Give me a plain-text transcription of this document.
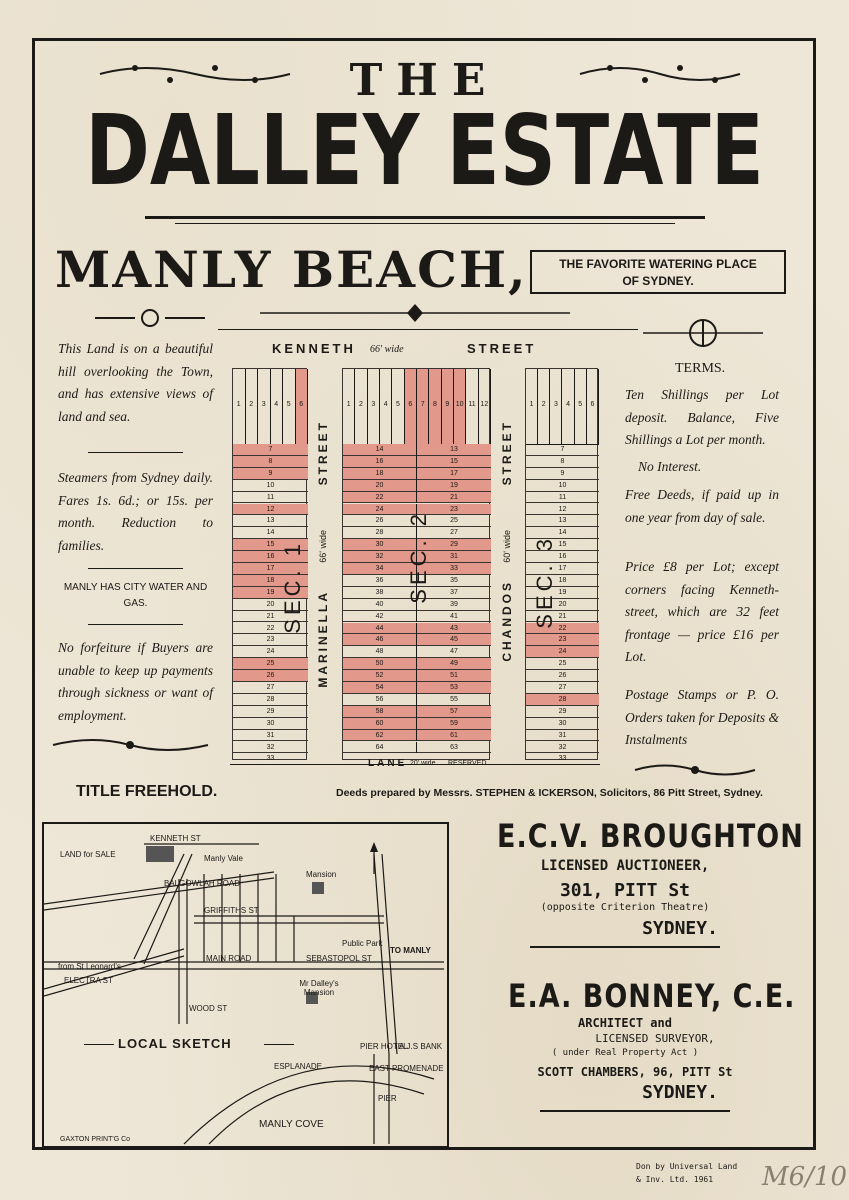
THE
DALLEY ESTATE
MANLY BEACH,	THE FAVORITE WATERING PLACE
OF SYDNEY.
This Land is on a beautiful hill overlooking the Town, and has extensive views of land and sea.
Steamers from Sydney daily. Fares 1s. 6d.; or 15s. per month. Reduction to families.
MANLY HAS CITY WATER AND GAS.
No forfeiture if Buyers are unable to keep up payments through sickness or want of employment.
TERMS.
Ten Shillings per Lot deposit. Balance, Five Shillings a Lot per month.
No Interest.
Free Deeds, if paid up in one year from day of sale.
Price £8 per Lot; except corners facing Kenneth-street, which are 32 feet frontage — price £16 per Lot.
Postage Stamps or P. O. Orders taken for Deposits & Instalments
KENNETH 66' wide	STREET
1	2	3	4	5	6
7
8
9
10
11
12
13
14
15
16
17
18
19
20
21
22
23
24
25
26
27
28
29
30
31
32
33
1	2	3	4	5	6	7	8	9 10 11 12
14	13
16	15
18	17
20	19
22	21
24	23
26	25
28	27
30	29
32	31
34	33
36	35
38	37
40	39
42	41
44	43
46	45
48	47
50	49
52	51
54	53
56	55
58	57
60	59
62	61
64	63
1	2	3	4	5	6
7
8
9
10
11
12
13
14
15
16
17
18
19
20
21
22
23
24
25
26
27
28
29
30
31
32
33
MARINELLA
STREET
66' wide
CHANDOS
STREET
60' wide
SEC. 1	SEC. 2	SEC. 3
LANE 20' wide RESERVED
TITLE FREEHOLD.	Deeds prepared by Messrs. STEPHEN & ICKERSON, Solicitors, 86 Pitt Street, Sydney.
LAND for SALE
KENNETH ST
Manly Vale
BALGOWLAH ROAD
Mansion
GRIFFITHS ST
Public Park
TO MANLY
from St Leonard's
ELECTRA ST
WOOD ST
MAIN ROAD	SEBASTOPOL ST
Mr Dalley's Mansion
EAST PROMENADE
PIER HOTEL
A.J.S BANK
ESPLANADE
PIER
MANLY COVE
LOCAL SKETCH
GAXTON PRINT'G Co
E.C.V. BROUGHTON
LICENSED AUCTIONEER,
301, PITT St
(opposite Criterion Theatre)
SYDNEY.
E.A. BONNEY, C.E.
ARCHITECT and
LICENSED SURVEYOR,
( under Real Property Act )
SCOTT CHAMBERS, 96, PITT St
SYDNEY.
Don by Universal Land
& Inv. Ltd. 1961 M6/10
